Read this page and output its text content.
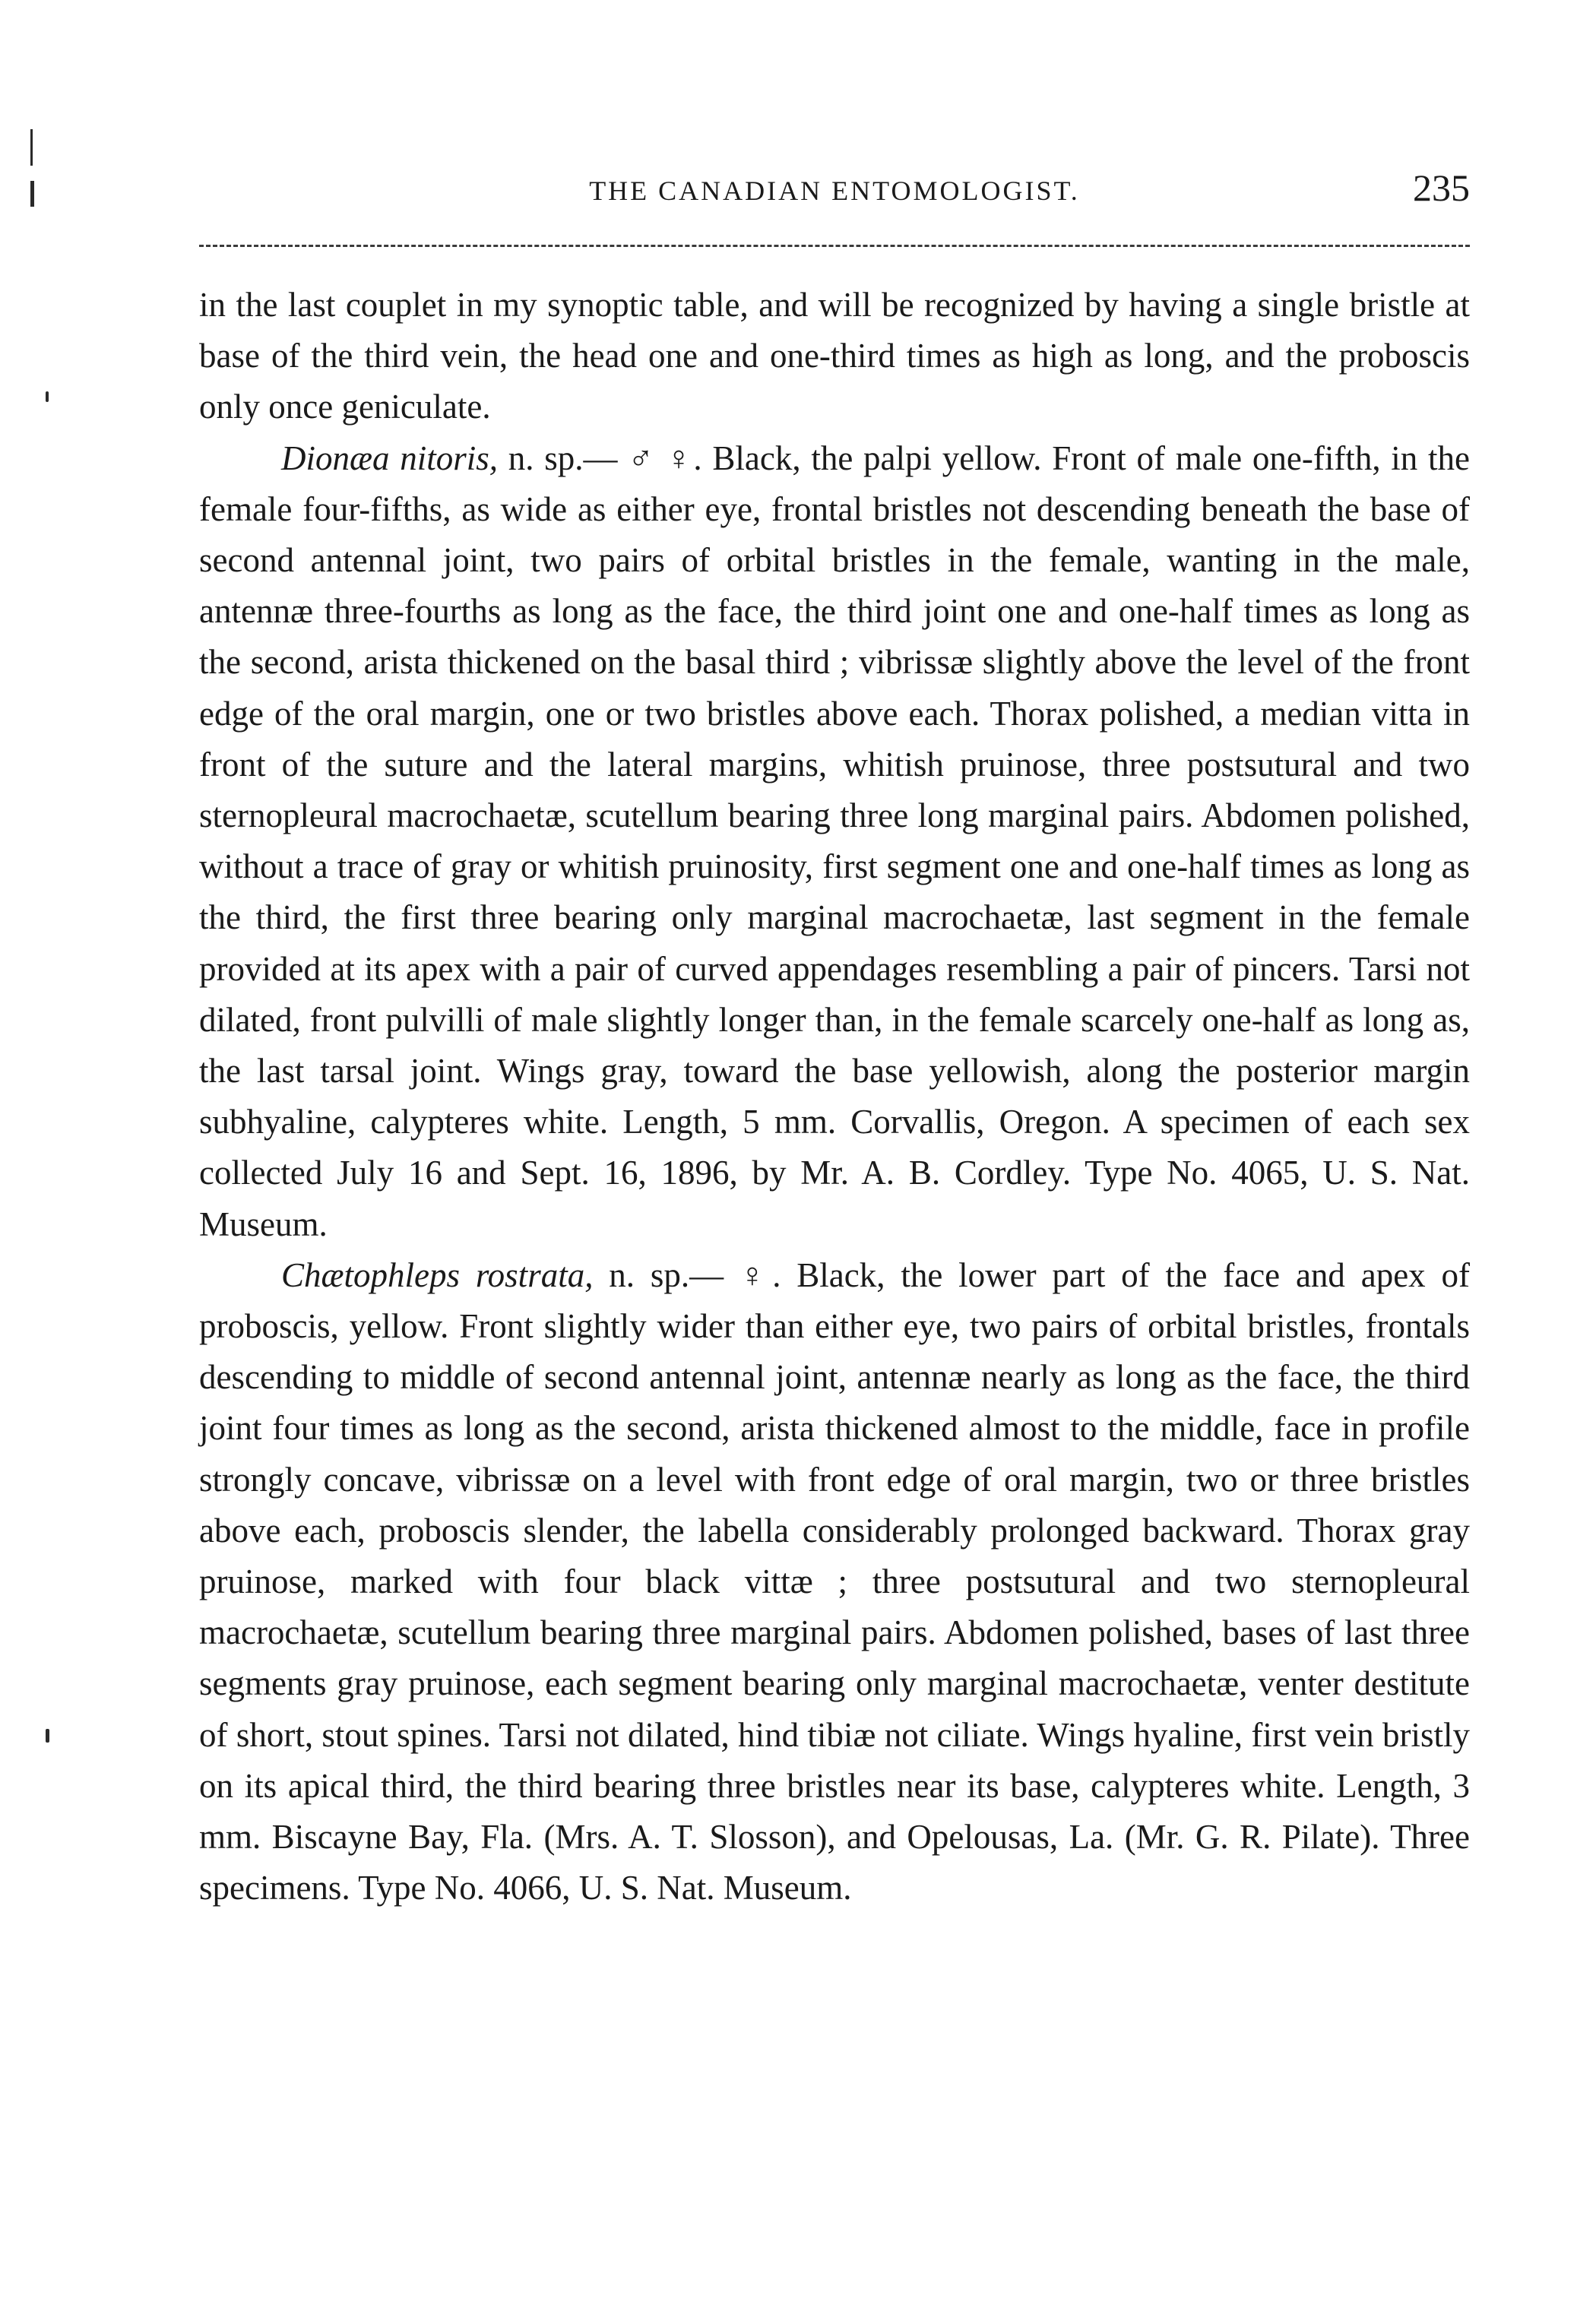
THE CANADIAN ENTOMOLOGIST.	235

in the last couplet in my synoptic table, and will be recognized by having a single bristle at base of the third vein, the head one and one-third times as high as long, and the proboscis only once geniculate.

Dionæa nitoris, n. sp.— ♂ ♀. Black, the palpi yellow. Front of male one-fifth, in the female four-fifths, as wide as either eye, frontal bristles not descending beneath the base of second antennal joint, two pairs of orbital bristles in the female, wanting in the male, antennæ three-fourths as long as the face, the third joint one and one-half times as long as the second, arista thickened on the basal third ; vibrissæ slightly above the level of the front edge of the oral margin, one or two bristles above each. Thorax polished, a median vitta in front of the suture and the lateral margins, whitish pruinose, three postsutural and two sternopleural macrochaetæ, scutellum bearing three long marginal pairs. Abdomen polished, without a trace of gray or whitish pruinosity, first segment one and one-half times as long as the third, the first three bearing only marginal macrochaetæ, last segment in the female provided at its apex with a pair of curved appendages resembling a pair of pincers. Tarsi not dilated, front pulvilli of male slightly longer than, in the female scarcely one-half as long as, the last tarsal joint. Wings gray, toward the base yellowish, along the posterior margin subhyaline, calypteres white. Length, 5 mm. Corvallis, Oregon. A specimen of each sex collected July 16 and Sept. 16, 1896, by Mr. A. B. Cordley. Type No. 4065, U. S. Nat. Museum.

Chætophleps rostrata, n. sp.— ♀. Black, the lower part of the face and apex of proboscis, yellow. Front slightly wider than either eye, two pairs of orbital bristles, frontals descending to middle of second antennal joint, antennæ nearly as long as the face, the third joint four times as long as the second, arista thickened almost to the middle, face in profile strongly concave, vibrissæ on a level with front edge of oral margin, two or three bristles above each, proboscis slender, the labella considerably prolonged backward. Thorax gray pruinose, marked with four black vittæ ; three postsutural and two sternopleural macrochaetæ, scutellum bearing three marginal pairs. Abdomen polished, bases of last three segments gray pruinose, each segment bearing only marginal macrochaetæ, venter destitute of short, stout spines. Tarsi not dilated, hind tibiæ not ciliate. Wings hyaline, first vein bristly on its apical third, the third bearing three bristles near its base, calypteres white. Length, 3 mm. Biscayne Bay, Fla. (Mrs. A. T. Slosson), and Opelousas, La. (Mr. G. R. Pilate). Three specimens. Type No. 4066, U. S. Nat. Museum.
